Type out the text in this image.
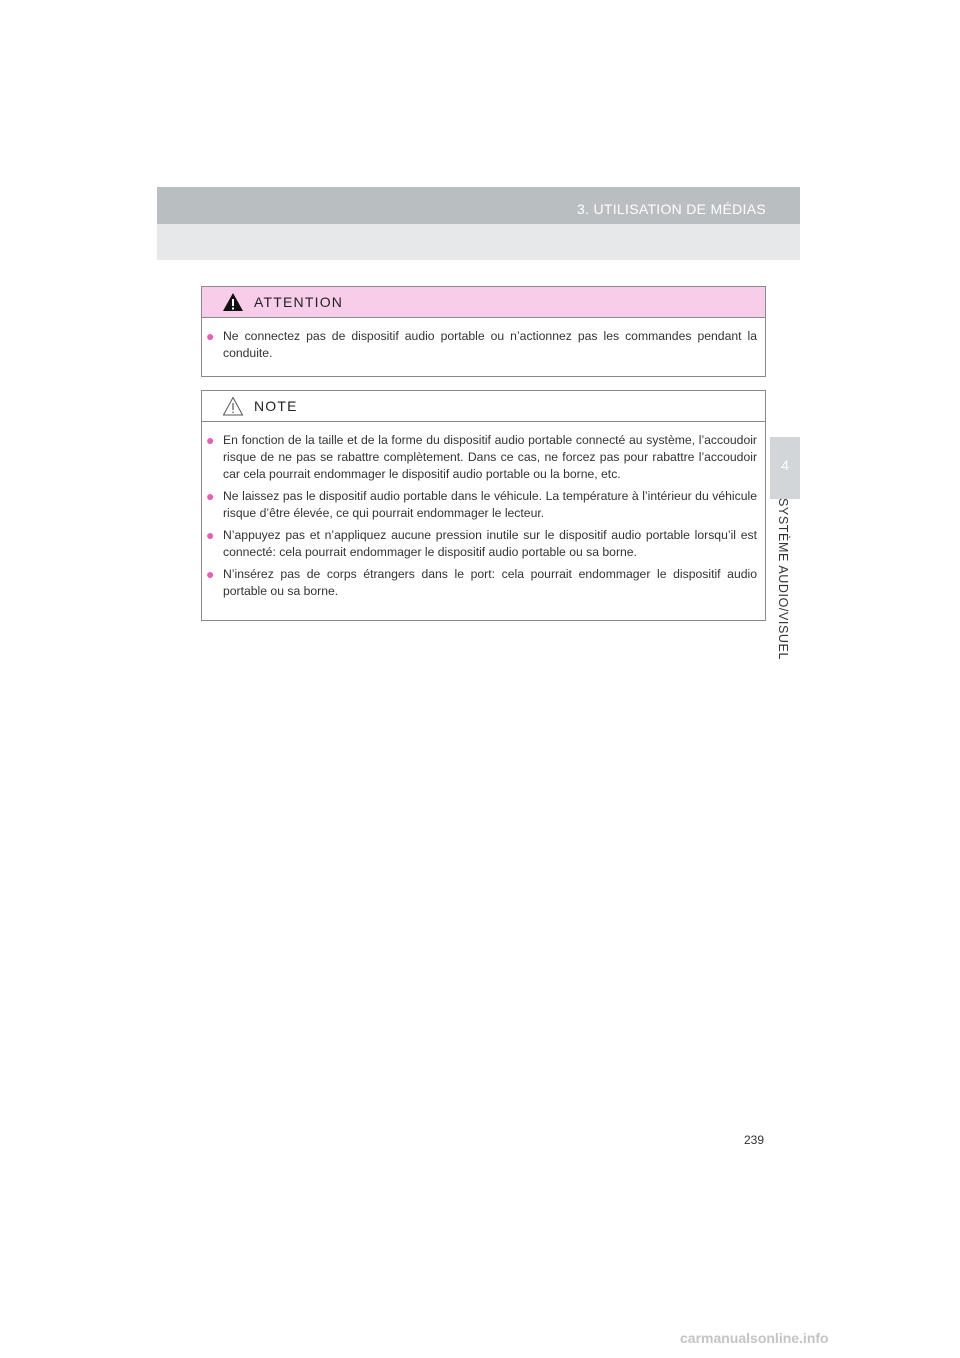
3. UTILISATION DE MÉDIAS
4
SYSTÈME AUDIO/VISUEL
ATTENTION
● Ne connectez pas de dispositif audio portable ou n’actionnez pas les commandes pendant la conduite.
NOTE
● En fonction de la taille et de la forme du dispositif audio portable connecté au système, l’accoudoir risque de ne pas se rabattre complètement. Dans ce cas, ne forcez pas pour rabattre l’accoudoir car cela pourrait endommager le dispositif audio portable ou la borne, etc.
● Ne laissez pas le dispositif audio portable dans le véhicule. La température à l’intérieur du véhicule risque d’être élevée, ce qui pourrait endommager le lecteur.
● N’appuyez pas et n’appliquez aucune pression inutile sur le dispositif audio portable lorsqu’il est connecté: cela pourrait endommager le dispositif audio portable ou sa borne.
● N’insérez pas de corps étrangers dans le port: cela pourrait endommager le dispositif audio portable ou sa borne.
239
carmanualsonline.info
